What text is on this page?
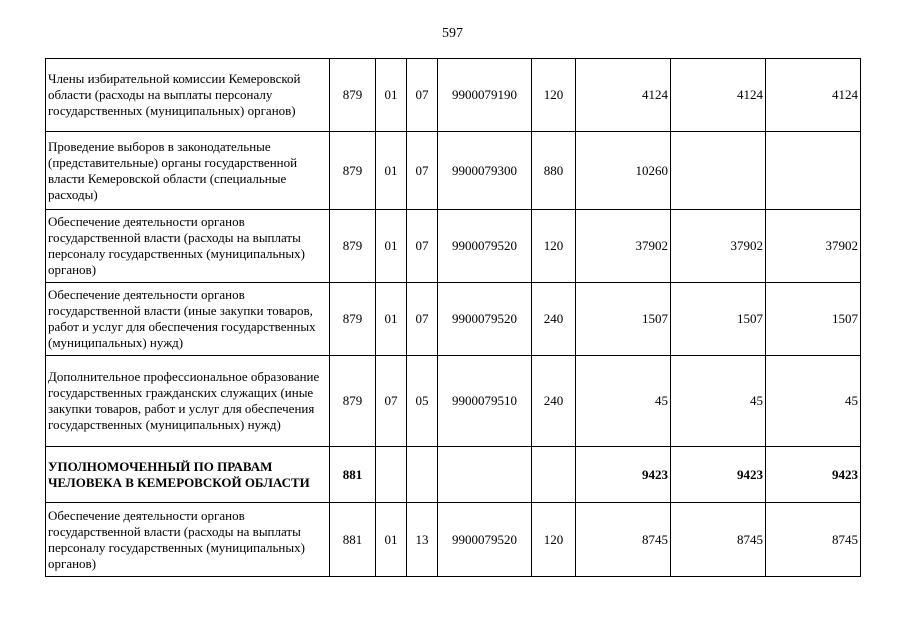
597
Члены избирательной комиссии Кемеровской области (расходы на выплаты персоналу государственных (муниципальных) органов)	879	01	07	9900079190	120	4124	4124	4124
Проведение выборов в законодательные (представительные) органы государственной власти Кемеровской области (специальные расходы)	879	01	07	9900079300	880	10260		
Обеспечение деятельности органов государственной власти (расходы на выплаты персоналу государственных (муниципальных) органов)	879	01	07	9900079520	120	37902	37902	37902
Обеспечение деятельности органов государственной власти (иные закупки товаров, работ и услуг для обеспечения государственных (муниципальных) нужд)	879	01	07	9900079520	240	1507	1507	1507
Дополнительное профессиональное образование государственных гражданских служащих (иные закупки товаров, работ и услуг для обеспечения государственных (муниципальных) нужд)	879	07	05	9900079510	240	45	45	45
УПОЛНОМОЧЕННЫЙ ПО ПРАВАМ ЧЕЛОВЕКА В КЕМЕРОВСКОЙ ОБЛАСТИ	881					9423	9423	9423
Обеспечение деятельности органов государственной власти (расходы на выплаты персоналу государственных (муниципальных) органов)	881	01	13	9900079520	120	8745	8745	8745
